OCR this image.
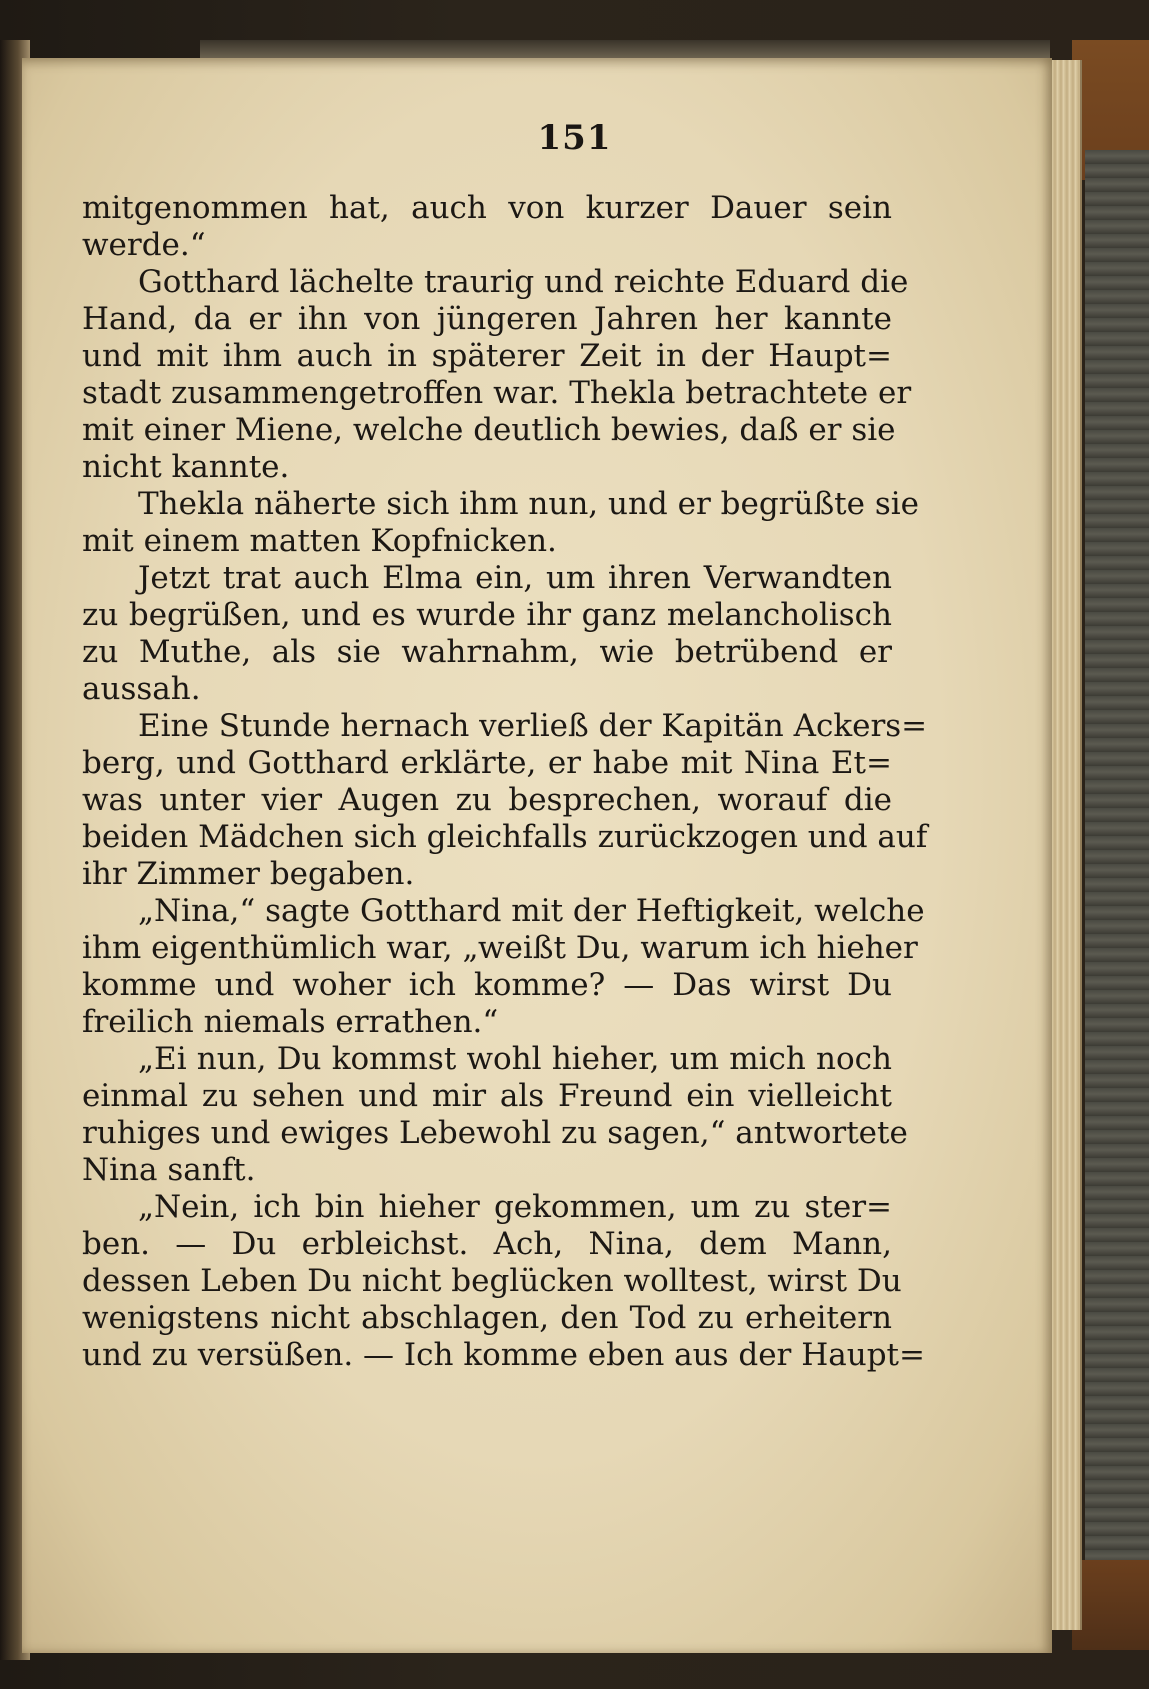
151
mitgenommen hat, auch von kurzer Dauer sein
werde.“
Gotthard lächelte traurig und reichte Eduard die
Hand, da er ihn von jüngeren Jahren her kannte
und mit ihm auch in späterer Zeit in der Haupt=
stadt zusammengetroffen war. Thekla betrachtete er
mit einer Miene, welche deutlich bewies, daß er sie
nicht kannte.
Thekla näherte sich ihm nun, und er begrüßte sie
mit einem matten Kopfnicken.
Jetzt trat auch Elma ein, um ihren Verwandten
zu begrüßen, und es wurde ihr ganz melancholisch
zu Muthe, als sie wahrnahm, wie betrübend er
aussah.
Eine Stunde hernach verließ der Kapitän Ackers=
berg, und Gotthard erklärte, er habe mit Nina Et=
was unter vier Augen zu besprechen, worauf die
beiden Mädchen sich gleichfalls zurückzogen und auf
ihr Zimmer begaben.
„Nina,“ sagte Gotthard mit der Heftigkeit, welche
ihm eigenthümlich war, „weißt Du, warum ich hieher
komme und woher ich komme? — Das wirst Du
freilich niemals errathen.“
„Ei nun, Du kommst wohl hieher, um mich noch
einmal zu sehen und mir als Freund ein vielleicht
ruhiges und ewiges Lebewohl zu sagen,“ antwortete
Nina sanft.
„Nein, ich bin hieher gekommen, um zu ster=
ben. — Du erbleichst. Ach, Nina, dem Mann,
dessen Leben Du nicht beglücken wolltest, wirst Du
wenigstens nicht abschlagen, den Tod zu erheitern
und zu versüßen. — Ich komme eben aus der Haupt=
